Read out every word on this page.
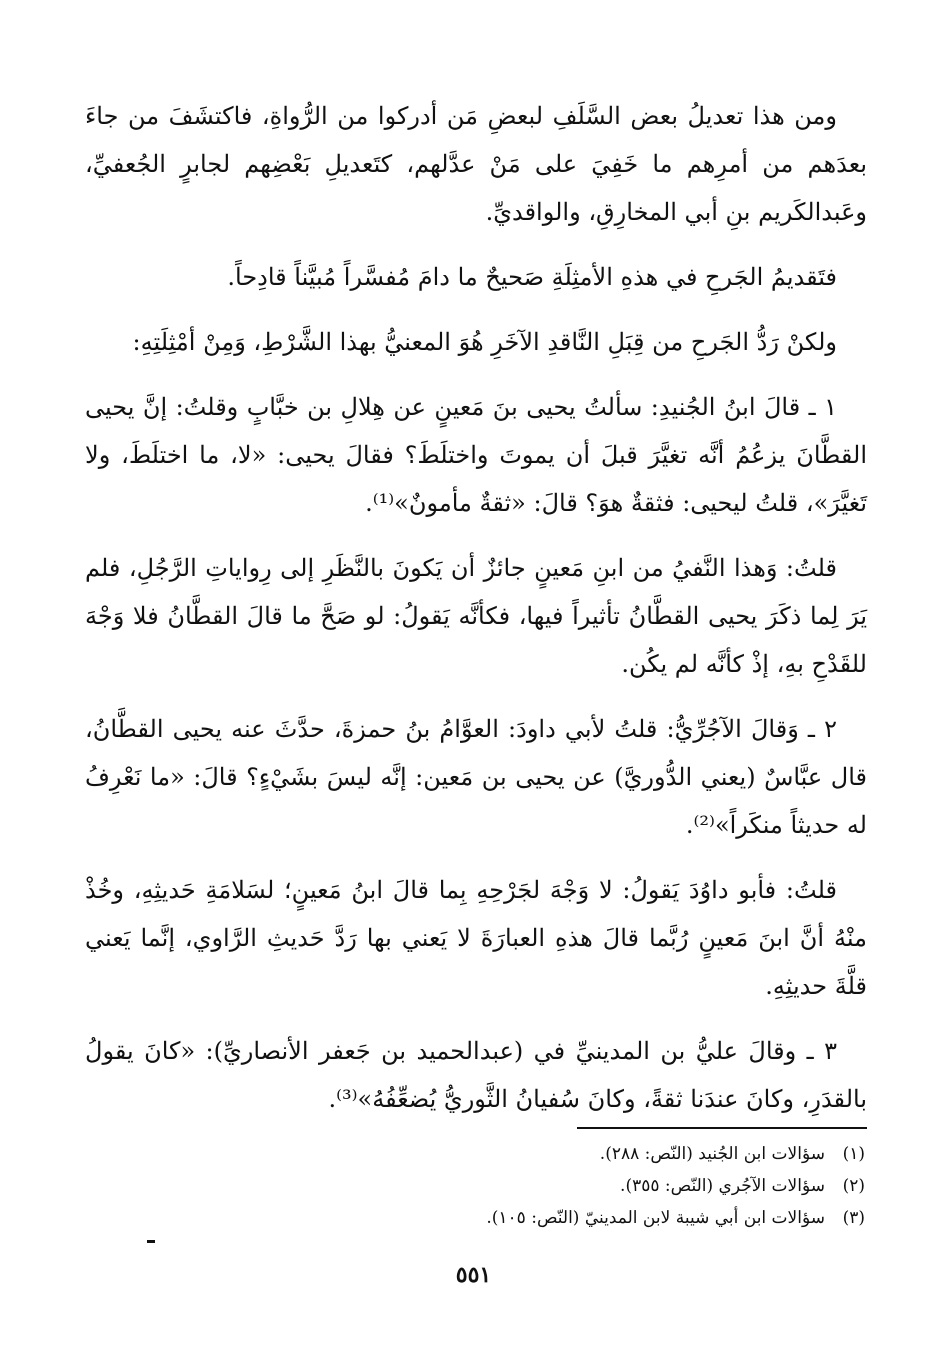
ومن هذا تعديلُ بعض السَّلَفِ لبعضِ مَن أدركوا من الرُّواةِ، فاكتشَفَ من جاءَ بعدَهم من أمرِهم ما خَفِيَ على مَنْ عدَّلهم، كتَعديلِ بَعْضِهم لجابرٍ الجُعفيِّ، وعَبدالكَريم بنِ أبي المخارِقِ، والواقديِّ.

فتَقديمُ الجَرحِ في هذهِ الأمثِلَةِ صَحيحٌ ما دامَ مُفسَّراً مُبيَّناً قادِحاً.

ولكنْ رَدُّ الجَرحِ من قِبَلِ النَّاقدِ الآخَرِ هُوَ المعنيُّ بهذا الشَّرْطِ، وَمِنْ أمْثِلَتِهِ:

١ ـ قالَ ابنُ الجُنيدِ: سألتُ يحيى بنَ مَعينٍ عن هِلالِ بن خبَّابٍ وقلتُ: إنَّ يحيى القطَّانَ يزعُمُ أنَّه تغيَّرَ قبلَ أن يموتَ واختلَطَ؟ فقالَ يحيى: «لا، ما اختلَطَ، ولا تَغيَّرَ»، قلتُ ليحيى: فثقةٌ هوَ؟ قالَ: «ثقةٌ مأمونٌ»⁽¹⁾.

قلتُ: وَهذا النَّفيُ من ابنِ مَعينٍ جائزٌ أن يَكونَ بالنَّظَرِ إلى رِواياتِ الرَّجُلِ، فلم يَرَ لِما ذكَرَ يحيى القطَّانُ تأثيراً فيها، فكأنَّه يَقولُ: لو صَحَّ ما قالَ القطَّانُ فلا وَجْهَ للقَدْحِ بهِ، إذْ كأنَّه لم يكُن.

٢ ـ وَقالَ الآجُرِّيُّ: قلتُ لأبي داودَ: العوَّامُ بنُ حمزةَ، حدَّثَ عنه يحيى القطَّانُ، قال عبَّاسٌ (يعني الدُّوريَّ) عن يحيى بن مَعين: إنَّه ليسَ بشَيْءٍ؟ قالَ: «ما نَعْرِفُ له حديثاً منكَراً»⁽²⁾.

قلتُ: فأبو داوُدَ يَقولُ: لا وَجْهَ لجَرْحِهِ بِما قالَ ابنُ مَعينٍ؛ لسَلامَةِ حَديثِهِ، وخُذْ منْهُ أنَّ ابنَ مَعينٍ رُبَّما قالَ هذهِ العبارَةَ لا يَعني بها رَدَّ حَديثِ الرَّاوي، إنَّما يَعني قلَّةَ حديثِهِ.

٣ ـ وقالَ عليُّ بن المدينيِّ في (عبدالحميد بن جَعفر الأنصاريِّ): «كانَ يقولُ بالقدَرِ، وكانَ عندَنا ثقةً، وكانَ سُفيانُ الثَّوريُّ يُضعِّفُهُ»⁽³⁾.

(١)
سؤالات ابن الجُنيد (النّص: ٢٨٨).
(٢)
سؤالات الآجُري (النّص: ٣٥٥).
(٣)
سؤالات ابن أبي شيبة لابن المدينيّ (النّص: ١٠٥).
٥٥١
